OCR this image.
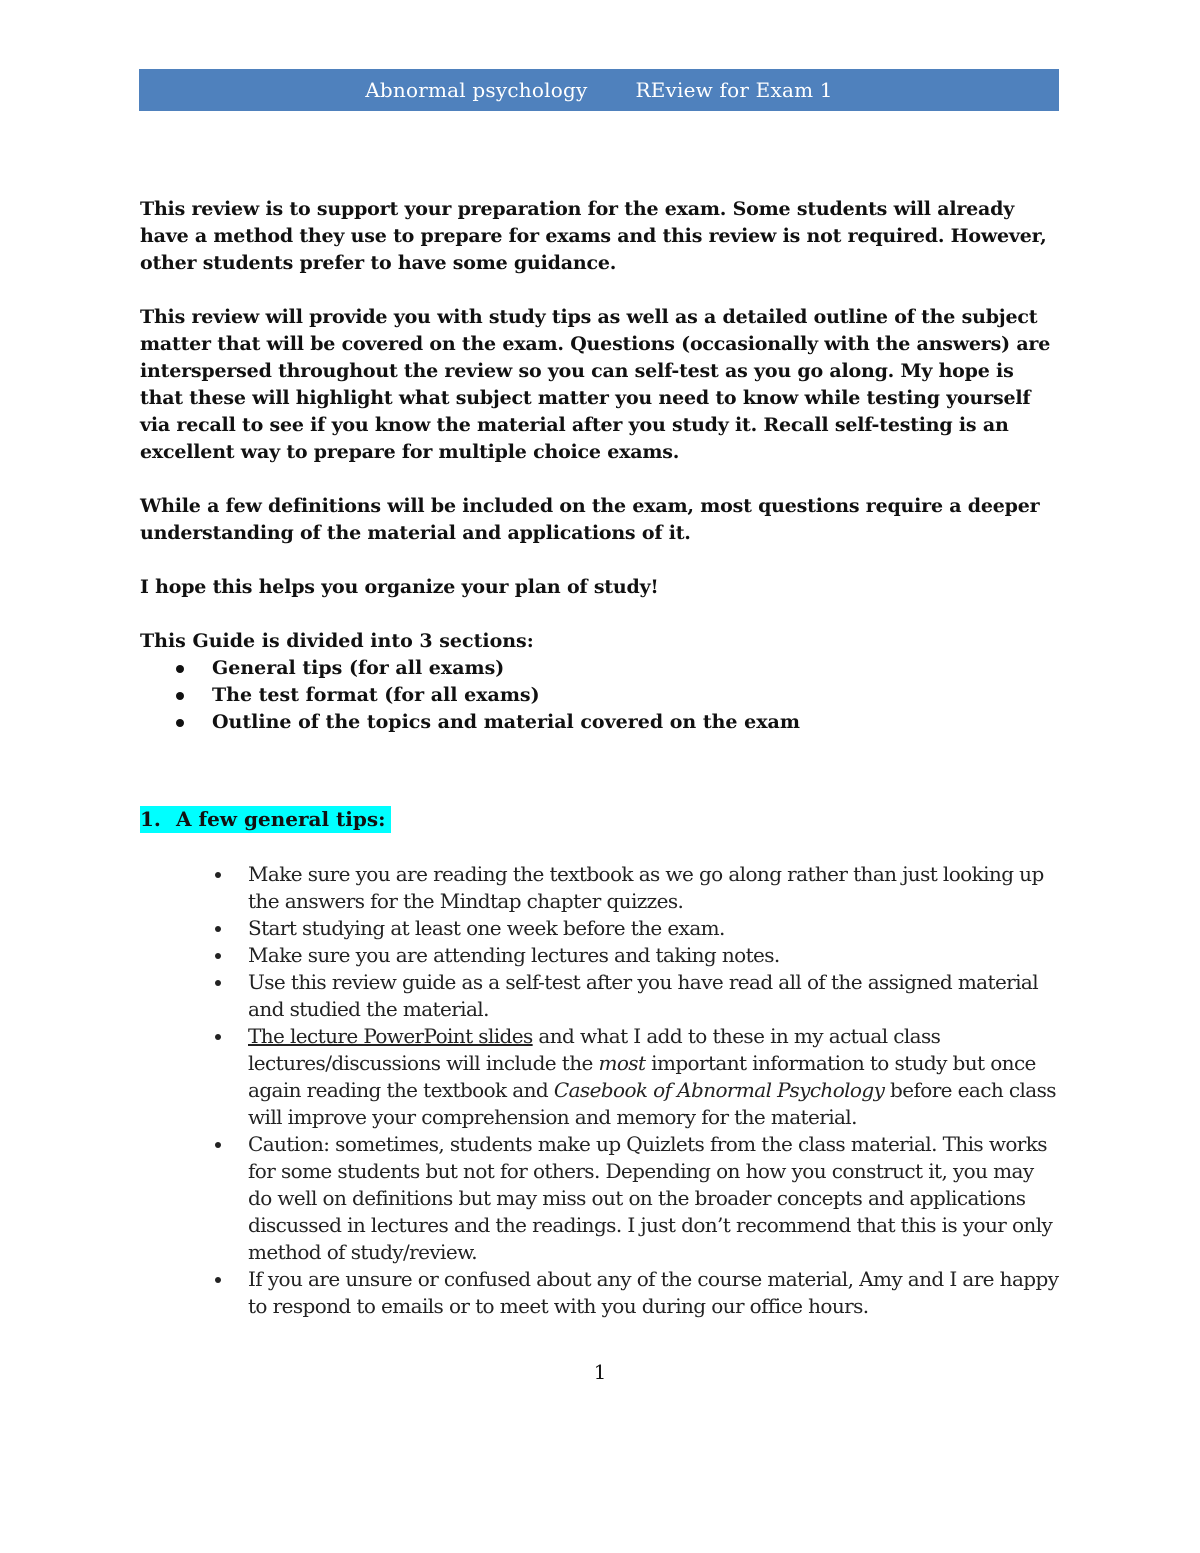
Abnormal psychology REview for Exam 1

This review is to support your preparation for the exam. Some students will already have a method they use to prepare for exams and this review is not required. However, other students prefer to have some guidance.

This review will provide you with study tips as well as a detailed outline of the subject matter that will be covered on the exam. Questions (occasionally with the answers) are interspersed throughout the review so you can self-test as you go along. My hope is that these will highlight what subject matter you need to know while testing yourself via recall to see if you know the material after you study it. Recall self-testing is an excellent way to prepare for multiple choice exams.

While a few definitions will be included on the exam, most questions require a deeper understanding of the material and applications of it.

I hope this helps you organize your plan of study!

This Guide is divided into 3 sections:

General tips (for all exams)
The test format (for all exams)
Outline of the topics and material covered on the exam
1. A few general tips:
Make sure you are reading the textbook as we go along rather than just looking up the answers for the Mindtap chapter quizzes.
Start studying at least one week before the exam.
Make sure you are attending lectures and taking notes.
Use this review guide as a self-test after you have read all of the assigned material and studied the material.
The lecture PowerPoint slides and what I add to these in my actual class lectures/discussions will include the most important information to study but once again reading the textbook and Casebook of Abnormal Psychology before each class will improve your comprehension and memory for the material.
Caution: sometimes, students make up Quizlets from the class material. This works for some students but not for others. Depending on how you construct it, you may do well on definitions but may miss out on the broader concepts and applications discussed in lectures and the readings. I just don’t recommend that this is your only method of study/review.
If you are unsure or confused about any of the course material, Amy and I are happy to respond to emails or to meet with you during our office hours.
1
